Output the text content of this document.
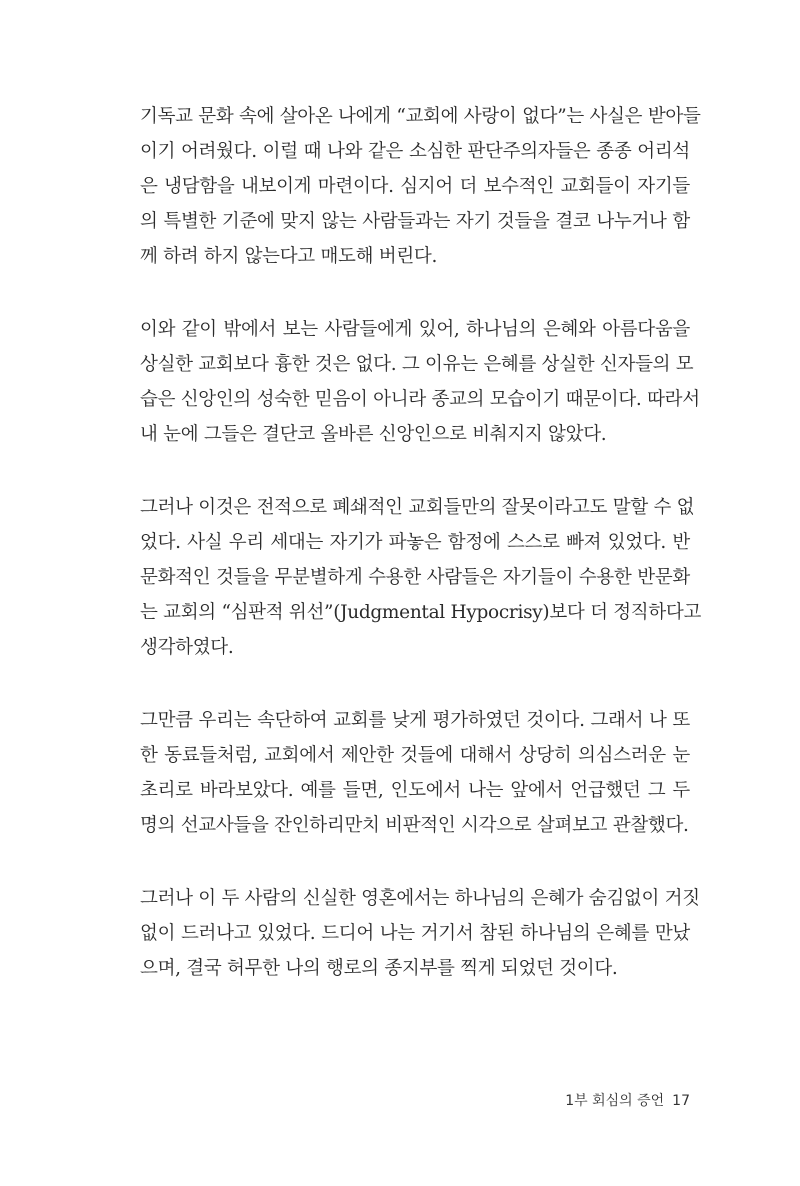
기독교 문화 속에 살아온 나에게 “교회에 사랑이 없다”는 사실은 받아들
이기 어려웠다. 이럴 때 나와 같은 소심한 판단주의자들은 종종 어리석
은 냉담함을 내보이게 마련이다. 심지어 더 보수적인 교회들이 자기들
의 특별한 기준에 맞지 않는 사람들과는 자기 것들을 결코 나누거나 함
께 하려 하지 않는다고 매도해 버린다.
이와 같이 밖에서 보는 사람들에게 있어, 하나님의 은혜와 아름다움을
상실한 교회보다 흉한 것은 없다. 그 이유는 은혜를 상실한 신자들의 모
습은 신앙인의 성숙한 믿음이 아니라 종교의 모습이기 때문이다. 따라서
내 눈에 그들은 결단코 올바른 신앙인으로 비춰지지 않았다.
그러나 이것은 전적으로 폐쇄적인 교회들만의 잘못이라고도 말할 수 없
었다. 사실 우리 세대는 자기가 파놓은 함정에 스스로 빠져 있었다. 반
문화적인 것들을 무분별하게 수용한 사람들은 자기들이 수용한 반문화
는 교회의 “심판적 위선”(Judgmental Hypocrisy)보다 더 정직하다고
생각하였다.
그만큼 우리는 속단하여 교회를 낮게 평가하였던 것이다. 그래서 나 또
한 동료들처럼, 교회에서 제안한 것들에 대해서 상당히 의심스러운 눈
초리로 바라보았다. 예를 들면, 인도에서 나는 앞에서 언급했던 그 두
명의 선교사들을 잔인하리만치 비판적인 시각으로 살펴보고 관찰했다.
그러나 이 두 사람의 신실한 영혼에서는 하나님의 은혜가 숨김없이 거짓
없이 드러나고 있었다. 드디어 나는 거기서 참된 하나님의 은혜를 만났
으며, 결국 허무한 나의 행로의 종지부를 찍게 되었던 것이다.
1부 회심의 증언 17
